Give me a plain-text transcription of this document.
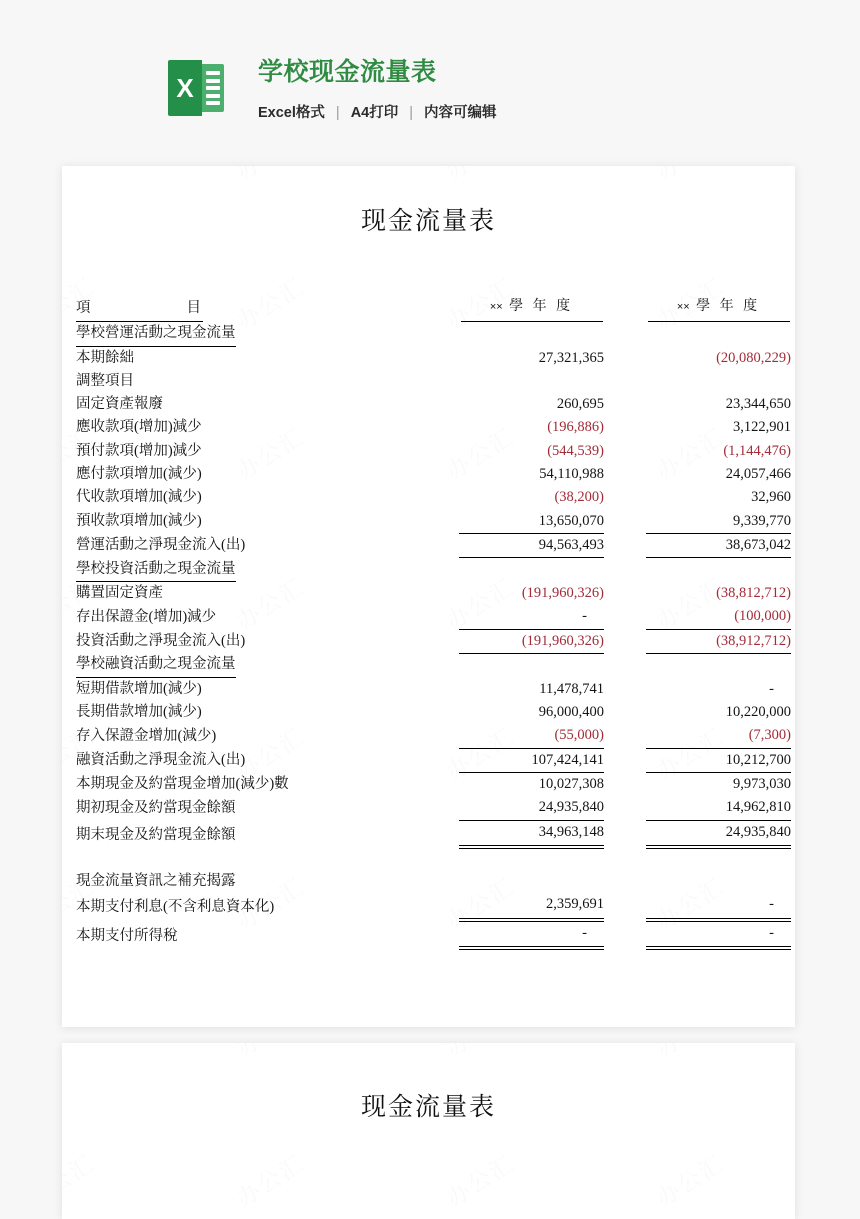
X
学校现金流量表
Excel格式 | A4打印 | 内容可编辑
现金流量表
項 目	×× 學 年 度		×× 學 年 度
學校營運活動之現金流量			
本期餘絀	27,321,365		(20,080,229)
調整項目			
固定資產報廢	260,695		23,344,650
應收款項(增加)減少	(196,886)		3,122,901
預付款項(增加)減少	(544,539)		(1,144,476)
應付款項增加(減少)	54,110,988		24,057,466
代收款項增加(減少)	(38,200)		32,960
預收款項增加(減少)	13,650,070		9,339,770
營運活動之淨現金流入(出)	94,563,493		38,673,042
學校投資活動之現金流量			
購置固定資產	(191,960,326)		(38,812,712)
存出保證金(增加)減少	-		(100,000)
投資活動之淨現金流入(出)	(191,960,326)		(38,912,712)
學校融資活動之現金流量			
短期借款增加(減少)	11,478,741		-
長期借款增加(減少)	96,000,400		10,220,000
存入保證金增加(減少)	(55,000)		(7,300)
融資活動之淨現金流入(出)	107,424,141		10,212,700
本期現金及約當現金增加(減少)數	10,027,308		9,973,030
期初現金及約當現金餘額	24,935,840		14,962,810
期末現金及約當現金餘額	34,963,148		24,935,840

現金流量資訊之補充揭露			
本期支付利息(不含利息資本化)	2,359,691		-
本期支付所得稅	-		-
现金流量表
